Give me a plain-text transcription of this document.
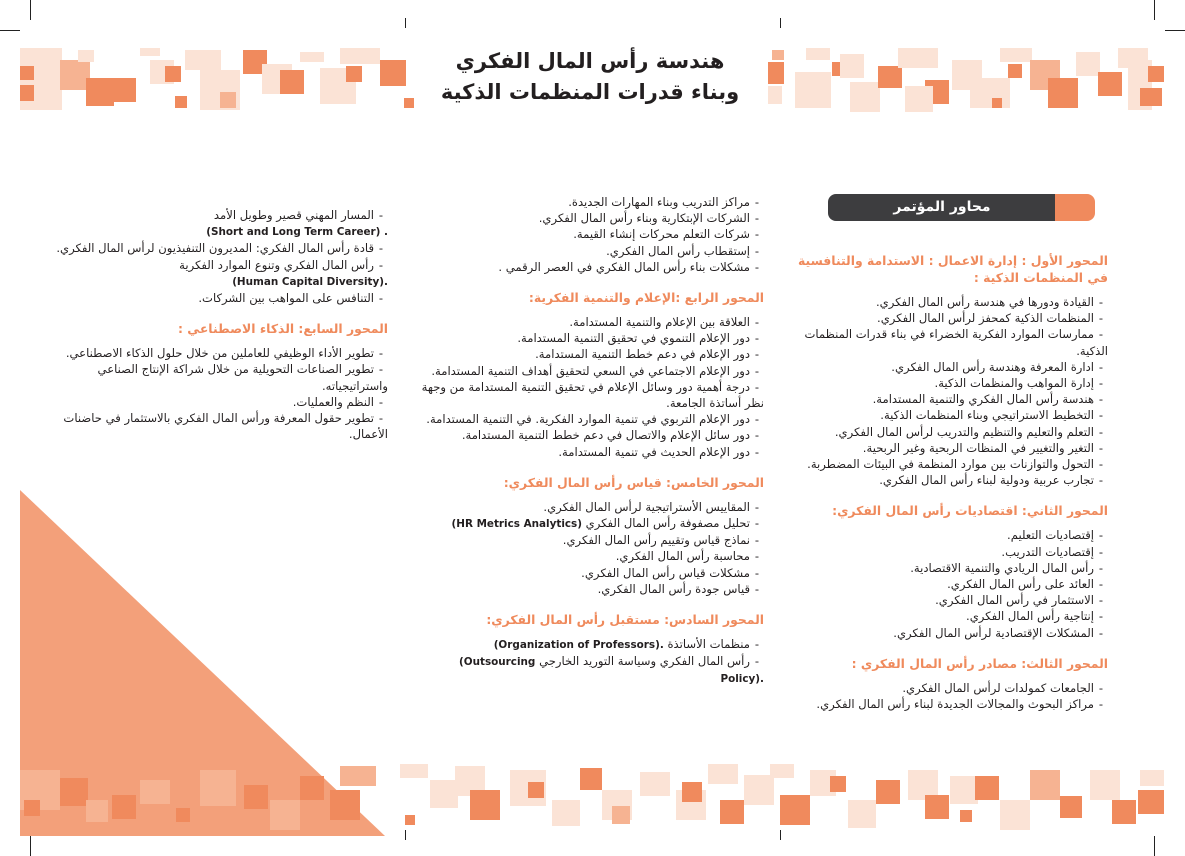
هندسة رأس المال الفكري
وبناء قدرات المنظمات الذكية
محاور المؤتمر
المحور الأول : إدارة الاعمال : الاستدامة والتنافسية في المنظمات الذكية :
-القيادة ودورها في هندسة رأس المال الفكري.
-المنظمات الذكية كمحفز لرأس المال الفكري.
-ممارسات الموارد الفكرية الخضراء في بناء قدرات المنظمات الذكية.
-ادارة المعرفة وهندسة رأس المال الفكري.
-إدارة المواهب والمنظمات الذكية.
-هندسة رأس المال الفكري والتنمية المستدامة.
-التخطيط الاستراتيجي وبناء المنظمات الذكية.
-التعلم والتعليم والتنظيم والتدريب لرأس المال الفكري.
-التغير والتغيير في المنظات الربحية وغير الربحية.
-التحول والتوازنات بين موارد المنظمة في البيئات المضطربة.
-تجارب عربية ودولية لبناء رأس المال الفكري.
المحور الثاني: اقتصاديات رأس المال الفكري:
-إقتصاديات التعليم.
-إقتصاديات التدريب.
-رأس المال الريادي والتنمية الاقتصادية.
-العائد على رأس المال الفكري.
-الاستثمار في رأس المال الفكري.
-إنتاجية رأس المال الفكري.
-المشكلات الإقتصادية لرأس المال الفكري.
المحور الثالث: مصادر رأس المال الفكري :
-الجامعات كمولدات لرأس المال الفكري.
-مراكز البحوث والمجالات الجديدة لبناء رأس المال الفكري.
-مراكز التدريب وبناء المهارات الجديدة.
-الشركات الإبتكارية وبناء رأس المال الفكري.
-شركات التعلم محركات إنشاء القيمة.
-إستقطاب رأس المال الفكري.
-مشكلات بناء رأس المال الفكري في العصر الرقمي .
المحور الرابع :الإعلام والتنمية الفكرية:
-العلاقة بين الإعلام والتنمية المستدامة.
-دور الإعلام التنموي في تحقيق التنمية المستدامة.
-دور الإعلام في دعم خطط التنمية المستدامة.
-دور الإعلام الاجتماعي في السعي لتحقيق أهداف التنمية المستدامة.
-درجة أهمية دور وسائل الإعلام في تحقيق التنمية المستدامة من وجهة نظر أساتذة الجامعة.
-دور الإعلام التربوي في تنمية الموارد الفكرية. في التنمية المستدامة.
-دور سائل الإعلام والاتصال في دعم خطط التنمية المستدامة.
-دور الإعلام الحديث في تنمية المستدامة.
المحور الخامس: قياس رأس المال الفكري:
-المقاييس الأستراتيجية لرأس المال الفكري.
-تحليل مصفوفة رأس المال الفكري (HR Metrics Analytics)
-نماذج قياس وتقييم رأس المال الفكري.
-محاسبة رأس المال الفكري.
-مشكلات قياس رأس المال الفكري.
-قياس جودة رأس المال الفكري.
المحور السادس: مستقبل رأس المال الفكري:
-منظمات الأساتذة (Organization of Professors).
-رأس المال الفكري وسياسة التوريد الخارجي (Outsourcing
Policy).
-المسار المهني قصير وطويل الأمد
(Short and Long Term Career) .
-قادة رأس المال الفكري: المديرون التنفيذيون لرأس المال الفكري.
-رأس المال الفكري وتنوع الموارد الفكرية
(Human Capital Diversity).
-التنافس على المواهب بين الشركات.
المحور السابع: الذكاء الاصطناعي :
-تطوير الأداء الوظيفي للعاملين من خلال حلول الذكاء الاصطناعي.
-تطوير الصناعات التحويلية من خلال شراكة الإنتاج الصناعي واستراتيجياته.
-النظم والعمليات.
-تطوير حقول المعرفة ورأس المال الفكري بالاستثمار في حاضنات الأعمال.
